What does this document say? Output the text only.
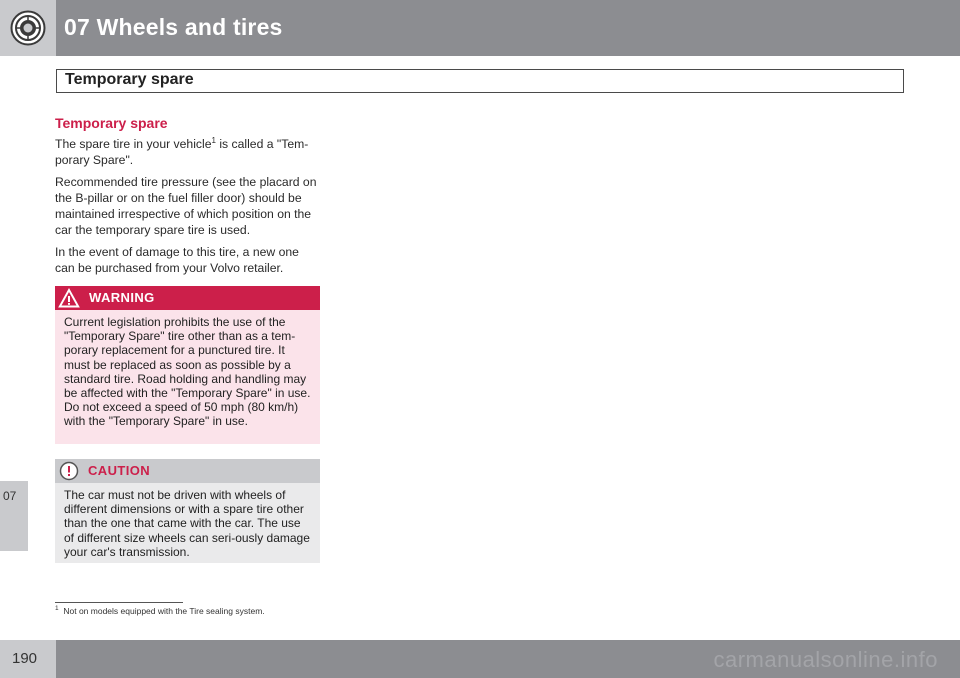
07 Wheels and tires
Temporary spare
07
Temporary spare

The spare tire in your vehicle$^1$ is called a "Tem-porary Spare".

Recommended tire pressure (see the placard on the B-pillar or on the fuel filler door) should be maintained irrespective of which position on the car the temporary spare tire is used.

In the event of damage to this tire, a new one can be purchased from your Volvo retailer.

WARNING
Current legislation prohibits the use of the "Temporary Spare" tire other than as a tem-porary replacement for a punctured tire. It must be replaced as soon as possible by a standard tire. Road holding and handling may be affected with the "Temporary Spare" in use. Do not exceed a speed of 50 mph (80 km/h) with the "Temporary Spare" in use.
CAUTION
The car must not be driven with wheels of different dimensions or with a spare tire other than the one that came with the car. The use of different size wheels can seri-ously damage your car's transmission.
$^1$ Not on models equipped with the Tire sealing system.
190	carmanualsonline.info
